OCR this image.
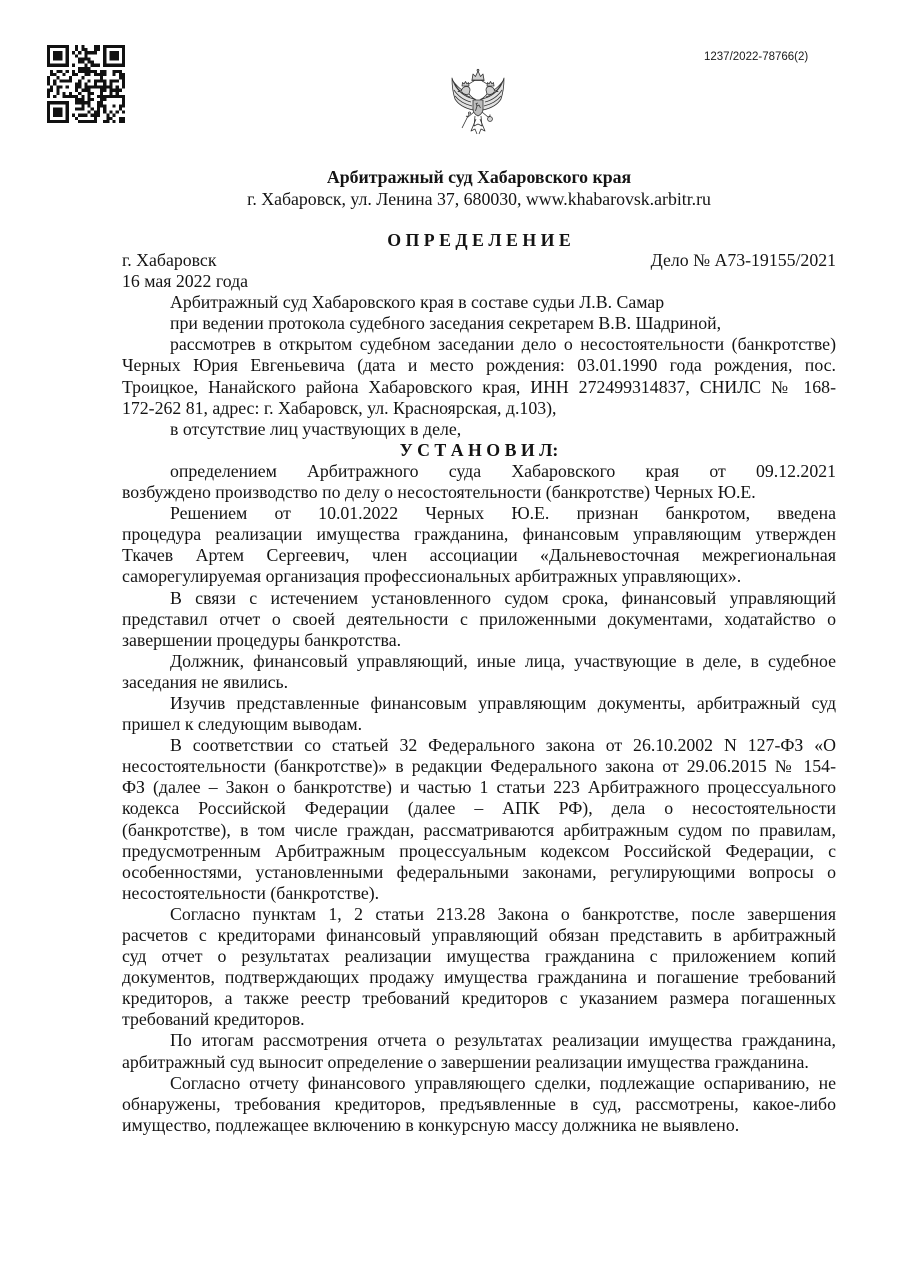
1237/2022-78766(2)
Арбитражный суд Хабаровского края
г. Хабаровск, ул. Ленина 37, 680030, www.khabarovsk.arbitr.ru
О П Р Е Д Е Л Е Н И Е
г. Хабаровск	Дело № А73-19155/2021
16 мая 2022 года
Арбитражный суд Хабаровского края в составе судьи Л.В. Самар
при ведении протокола судебного заседания секретарем В.В. Шадриной,
рассмотрев в открытом судебном заседании дело о несостоятельности (банкротстве)
Черных Юрия Евгеньевича (дата и место рождения: 03.01.1990 года рождения, пос.
Троицкое, Нанайского района Хабаровского края, ИНН 272499314837, СНИЛС № 168-
172-262 81, адрес: г. Хабаровск, ул. Красноярская, д.103),
в отсутствие лиц участвующих в деле,
У С Т А Н О В И Л:
определением Арбитражного суда Хабаровского края от 09.12.2021
возбуждено производство по делу о несостоятельности (банкротстве) Черных Ю.Е.
Решением от 10.01.2022 Черных Ю.Е. признан банкротом, введена
процедура реализации имущества гражданина, финансовым управляющим утвержден
Ткачев Артем Сергеевич, член ассоциации «Дальневосточная межрегиональная
саморегулируемая организация профессиональных арбитражных управляющих».
В связи с истечением установленного судом срока, финансовый управляющий
представил отчет о своей деятельности с приложенными документами, ходатайство о
завершении процедуры банкротства.
Должник, финансовый управляющий, иные лица, участвующие в деле, в судебное
заседания не явились.
Изучив представленные финансовым управляющим документы, арбитражный суд
пришел к следующим выводам.
В соответствии со статьей 32 Федерального закона от 26.10.2002 N 127-ФЗ «О
несостоятельности (банкротстве)» в редакции Федерального закона от 29.06.2015 № 154-
ФЗ (далее – Закон о банкротстве) и частью 1 статьи 223 Арбитражного процессуального
кодекса Российской Федерации (далее – АПК РФ), дела о несостоятельности
(банкротстве), в том числе граждан, рассматриваются арбитражным судом по правилам,
предусмотренным Арбитражным процессуальным кодексом Российской Федерации, с
особенностями, установленными федеральными законами, регулирующими вопросы о
несостоятельности (банкротстве).
Согласно пунктам 1, 2 статьи 213.28 Закона о банкротстве, после завершения
расчетов с кредиторами финансовый управляющий обязан представить в арбитражный
суд отчет о результатах реализации имущества гражданина с приложением копий
документов, подтверждающих продажу имущества гражданина и погашение требований
кредиторов, а также реестр требований кредиторов с указанием размера погашенных
требований кредиторов.
По итогам рассмотрения отчета о результатах реализации имущества гражданина,
арбитражный суд выносит определение о завершении реализации имущества гражданина.
Согласно отчету финансового управляющего сделки, подлежащие оспариванию, не
обнаружены, требования кредиторов, предъявленные в суд, рассмотрены, какое-либо
имущество, подлежащее включению в конкурсную массу должника не выявлено.
